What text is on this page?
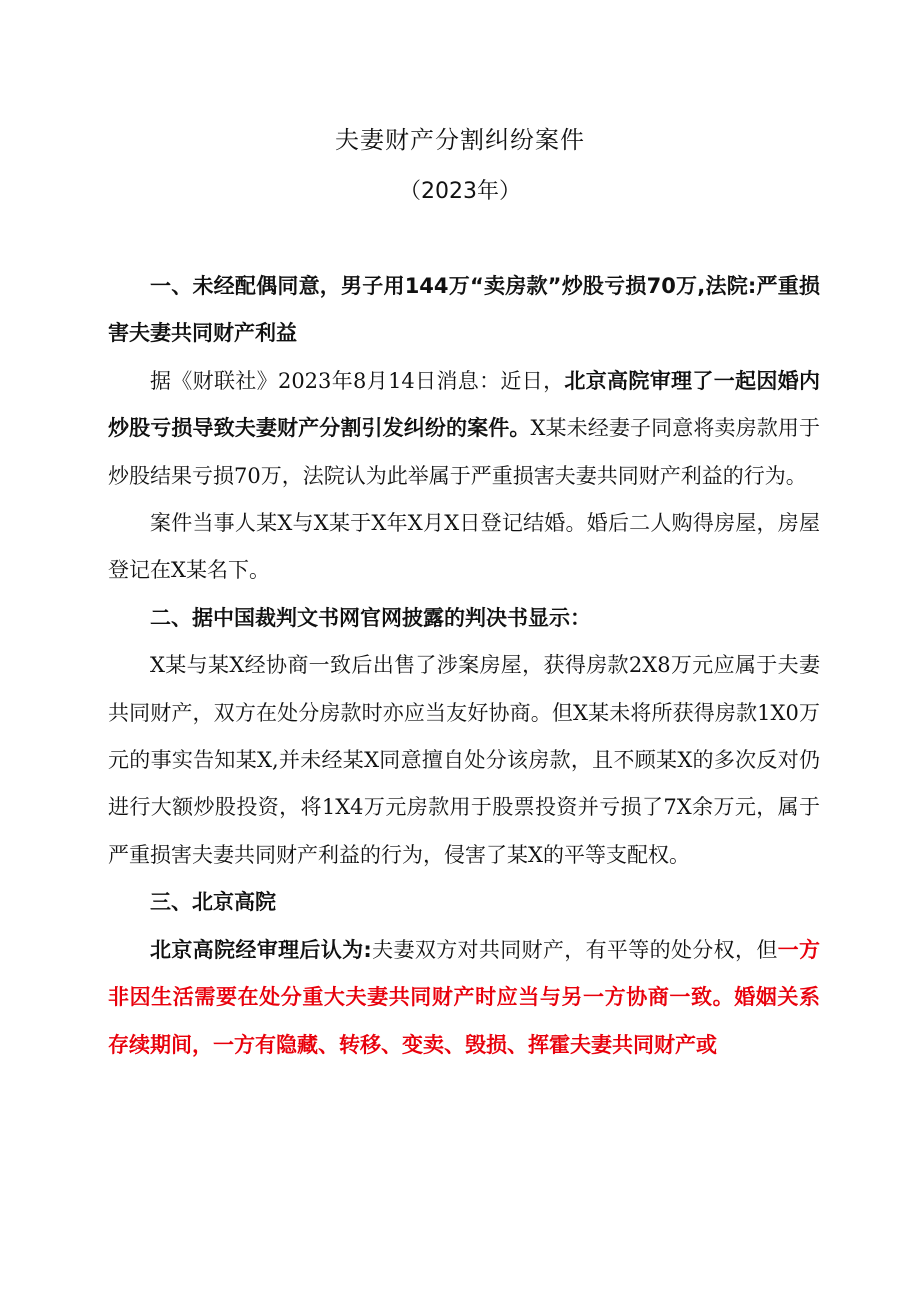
夫妻财产分割纠纷案件
（2023年）

一、未经配偶同意，男子用144万“卖房款”炒股亏损70万,法院:严重损害夫妻共同财产利益

据《财联社》2023年8月14日消息：近日，北京高院审理了一起因婚内炒股亏损导致夫妻财产分割引发纠纷的案件。X某未经妻子同意将卖房款用于炒股结果亏损70万，法院认为此举属于严重损害夫妻共同财产利益的行为。

案件当事人某X与X某于X年X月X日登记结婚。婚后二人购得房屋，房屋登记在X某名下。

二、据中国裁判文书网官网披露的判决书显示：

X某与某X经协商一致后出售了涉案房屋，获得房款2X8万元应属于夫妻共同财产，双方在处分房款时亦应当友好协商。但X某未将所获得房款1X0万元的事实告知某X,并未经某X同意擅自处分该房款，且不顾某X的多次反对仍进行大额炒股投资，将1X4万元房款用于股票投资并亏损了7X余万元，属于严重损害夫妻共同财产利益的行为，侵害了某X的平等支配权。

三、北京高院

北京高院经审理后认为:夫妻双方对共同财产，有平等的处分权，但一方非因生活需要在处分重大夫妻共同财产时应当与另一方协商一致。婚姻关系存续期间，一方有隐藏、转移、变卖、毁损、挥霍夫妻共同财产或
